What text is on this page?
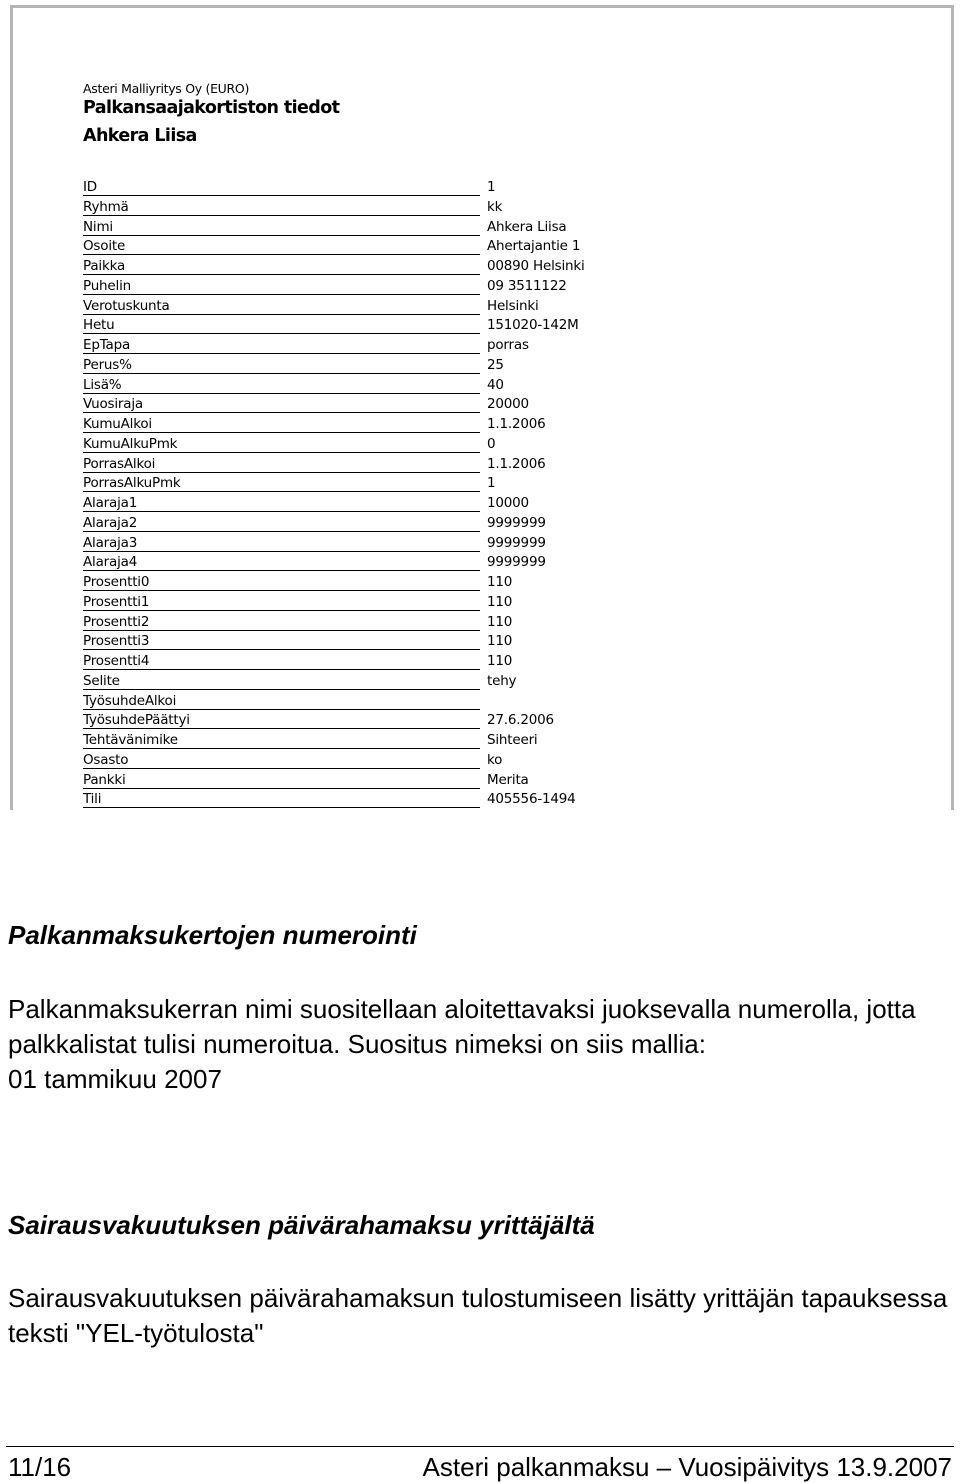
Asteri Malliyritys Oy (EURO)
Palkansaajakortiston tiedot
Ahkera Liisa
ID	1
Ryhmä	kk
Nimi	Ahkera Liisa
Osoite	Ahertajantie 1
Paikka	00890 Helsinki
Puhelin	09 3511122
Verotuskunta	Helsinki
Hetu	151020-142M
EpTapa	porras
Perus%	25
Lisä%	40
Vuosiraja	20000
KumuAlkoi	1.1.2006
KumuAlkuPmk	0
PorrasAlkoi	1.1.2006
PorrasAlkuPmk	1
Alaraja1	10000
Alaraja2	9999999
Alaraja3	9999999
Alaraja4	9999999
Prosentti0	110
Prosentti1	110
Prosentti2	110
Prosentti3	110
Prosentti4	110
Selite	tehy
TyösuhdeAlkoi
TyösuhdePäättyi	27.6.2006
Tehtävänimike	Sihteeri
Osasto	ko
Pankki	Merita
Tili	405556-1494
Palkanmaksukertojen numerointi
Palkanmaksukerran nimi suositellaan aloitettavaksi juoksevalla numerolla, jotta palkkalistat tulisi numeroitua. Suositus nimeksi on siis mallia:
01 tammikuu 2007
Sairausvakuutuksen päivärahamaksu yrittäjältä
Sairausvakuutuksen päivärahamaksun tulostumiseen lisätty yrittäjän tapauksessa teksti "YEL-työtulosta"
11/16	Asteri palkanmaksu – Vuosipäivitys 13.9.2007
